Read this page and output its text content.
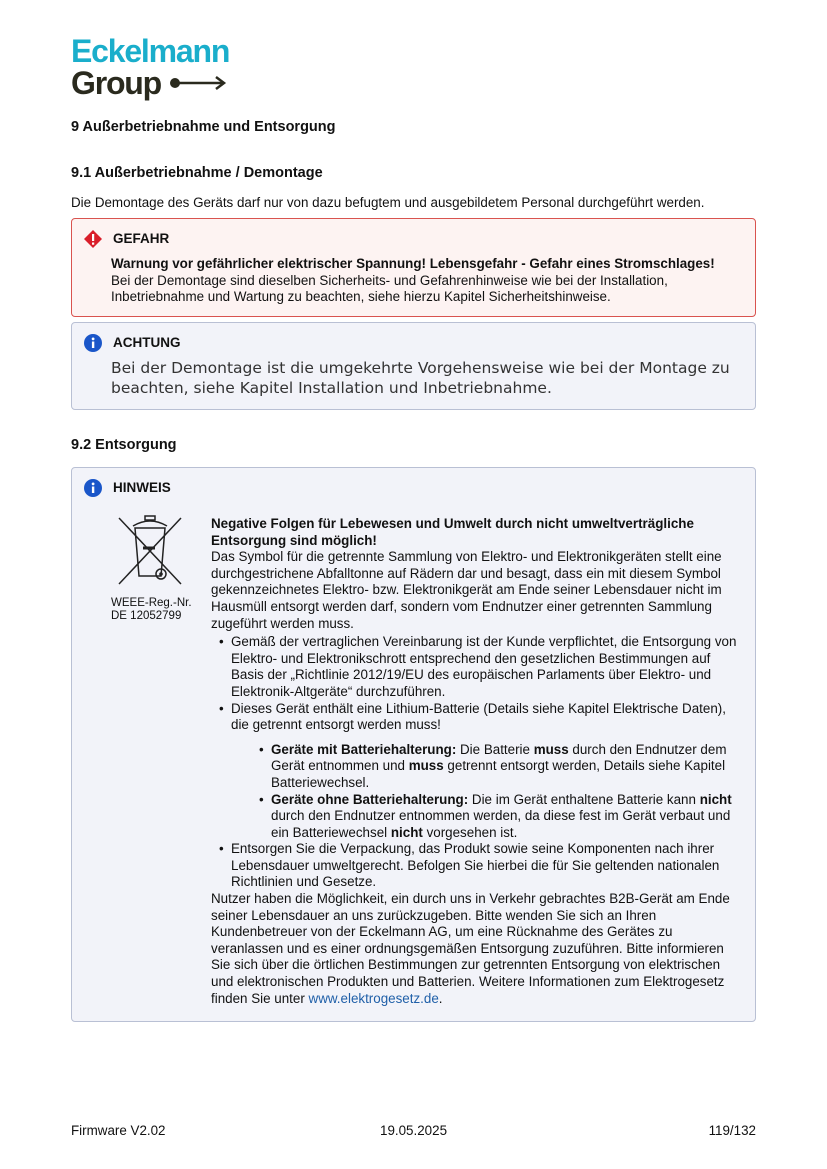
Eckelmann
Group
9 Außerbetriebnahme und Entsorgung
9.1 Außerbetriebnahme / Demontage
Die Demontage des Geräts darf nur von dazu befugtem und ausgebildetem Personal durchgeführt werden.
GEFAHR
Warnung vor gefährlicher elektrischer Spannung! Lebensgefahr - Gefahr eines Stromschlages!
Bei der Demontage sind dieselben Sicherheits- und Gefahrenhinweise wie bei der Installation, Inbetriebnahme und Wartung zu beachten, siehe hierzu Kapitel Sicherheitshinweise.
ACHTUNG
Bei der Demontage ist die umgekehrte Vorgehensweise wie bei der Montage zu beachten, siehe Kapitel Installation und Inbetriebnahme.
9.2 Entsorgung
HINWEIS
WEEE-Reg.-Nr.
DE 12052799
Negative Folgen für Lebewesen und Umwelt durch nicht umweltverträgliche Entsorgung sind möglich!
Das Symbol für die getrennte Sammlung von Elektro- und Elektronikgeräten stellt eine durchgestrichene Abfalltonne auf Rädern dar und besagt, dass ein mit diesem Symbol gekennzeichnetes Elektro- bzw. Elektronikgerät am Ende seiner Lebensdauer nicht im Hausmüll entsorgt werden darf, sondern vom Endnutzer einer getrennten Sammlung zugeführt werden muss.
• Gemäß der vertraglichen Vereinbarung ist der Kunde verpflichtet, die Entsorgung von Elektro- und Elektronikschrott entsprechend den gesetzlichen Bestimmungen auf Basis der „Richtlinie 2012/19/EU des europäischen Parlaments über Elektro- und Elektronik-Altgeräte“ durchzuführen.
• Dieses Gerät enthält eine Lithium-Batterie (Details siehe Kapitel Elektrische Daten), die getrennt entsorgt werden muss!
• Geräte mit Batteriehalterung: Die Batterie muss durch den Endnutzer dem Gerät entnommen und muss getrennt entsorgt werden, Details siehe Kapitel Batteriewechsel.
• Geräte ohne Batteriehalterung: Die im Gerät enthaltene Batterie kann nicht durch den Endnutzer entnommen werden, da diese fest im Gerät verbaut und ein Batteriewechsel nicht vorgesehen ist.
• Entsorgen Sie die Verpackung, das Produkt sowie seine Komponenten nach ihrer Lebensdauer umweltgerecht. Befolgen Sie hierbei die für Sie geltenden nationalen Richtlinien und Gesetze.
Nutzer haben die Möglichkeit, ein durch uns in Verkehr gebrachtes B2B-Gerät am Ende seiner Lebensdauer an uns zurückzugeben. Bitte wenden Sie sich an Ihren Kundenbetreuer von der Eckelmann AG, um eine Rücknahme des Gerätes zu veranlassen und es einer ordnungsgemäßen Entsorgung zuzuführen. Bitte informieren Sie sich über die örtlichen Bestimmungen zur getrennten Entsorgung von elektrischen und elektronischen Produkten und Batterien. Weitere Informationen zum Elektrogesetz finden Sie unter www.elektrogesetz.de.
Firmware V2.02	19.05.2025	119/132
